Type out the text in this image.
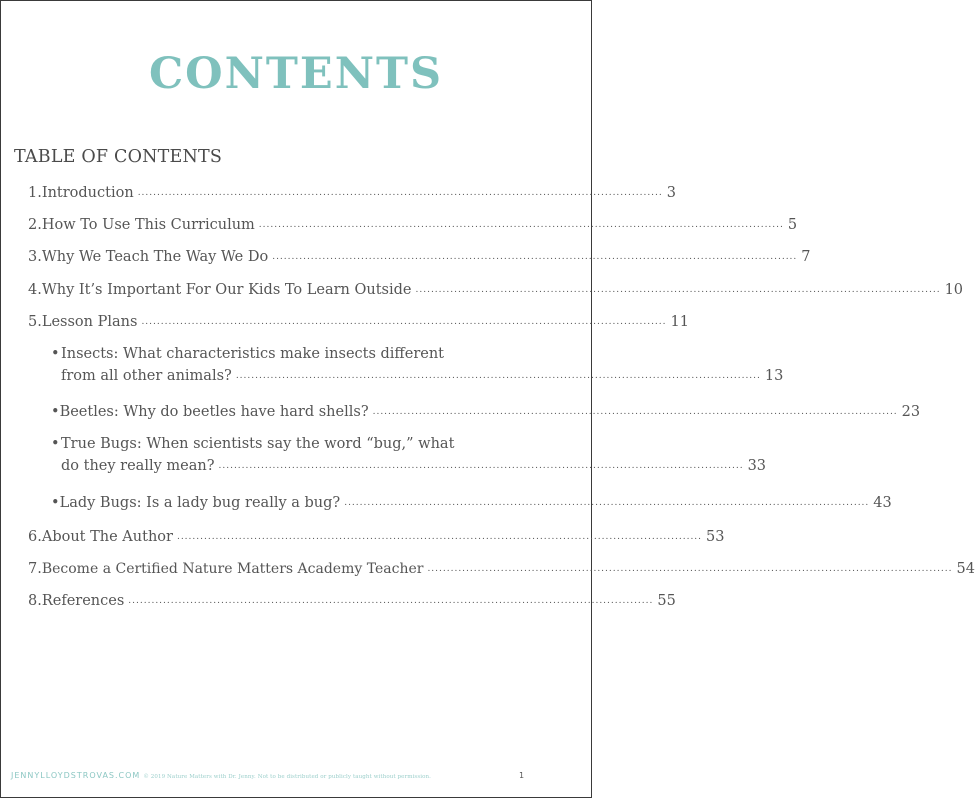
CONTENTS
TABLE OF CONTENTS
1. Introduction ........................................................................................................................................ 3
2. How To Use This Curriculum ........................................................................................................................................ 5
3. Why We Teach The Way We Do ........................................................................................................................................ 7
4. Why It’s Important For Our Kids To Learn Outside ........................................................................................................................................ 10
5. Lesson Plans ........................................................................................................................................ 11
• Insects: What characteristics make insects different
from all other animals? ........................................................................................................................................ 13
• Beetles: Why do beetles have hard shells? ........................................................................................................................................ 23
• True Bugs: When scientists say the word “bug,” what
do they really mean? ........................................................................................................................................ 33
• Lady Bugs: Is a lady bug really a bug? ........................................................................................................................................ 43
6. About The Author ........................................................................................................................................ 53
7. Become a Certified Nature Matters Academy Teacher ........................................................................................................................................ 54
8. References ........................................................................................................................................ 55
JENNYLLOYDSTROVAS.COM © 2019 Nature Matters with Dr. Jenny. Not to be distributed or publicly taught without permission.	1
